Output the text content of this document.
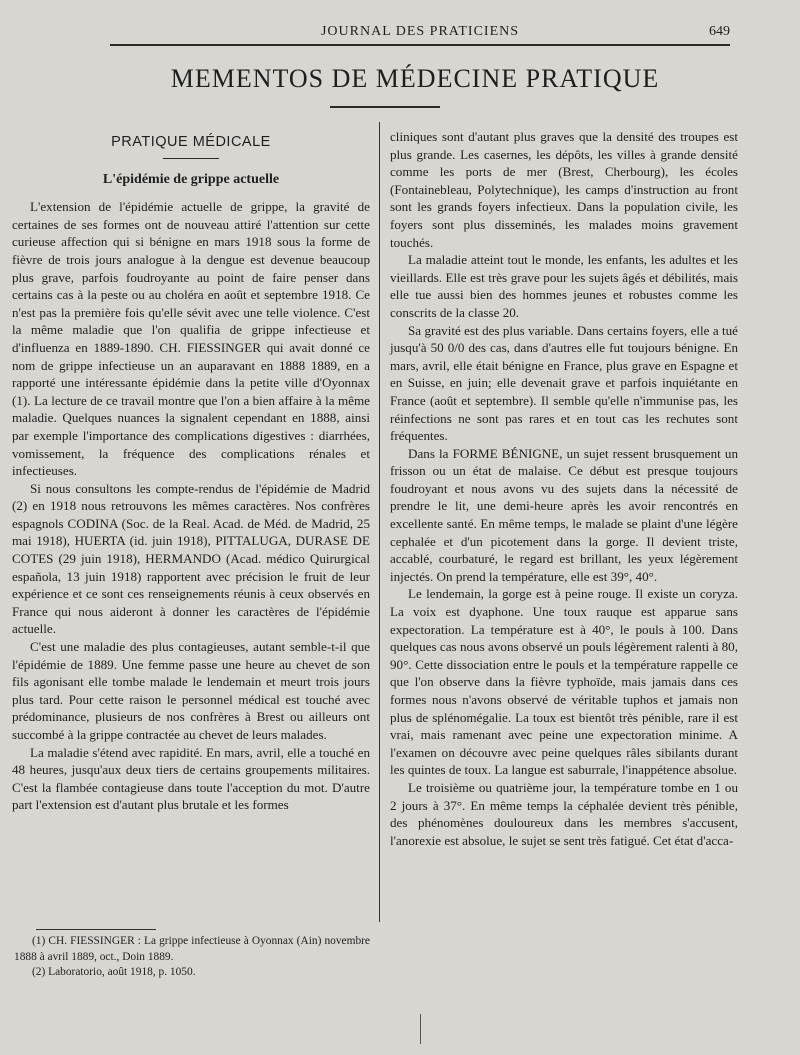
JOURNAL DES PRATICIENS	649
MEMENTOS DE MÉDECINE PRATIQUE
PRATIQUE MÉDICALE
L'épidémie de grippe actuelle

L'extension de l'épidémie actuelle de grippe, la gravité de certaines de ses formes ont de nouveau attiré l'attention sur cette curieuse affection qui si bénigne en mars 1918 sous la forme de fièvre de trois jours analogue à la dengue est devenue beaucoup plus grave, parfois foudroyante au point de faire penser dans certains cas à la peste ou au choléra en août et septembre 1918. Ce n'est pas la première fois qu'elle sévit avec une telle violence. C'est la même maladie que l'on qualifia de grippe infectieuse et d'influenza en 1889-1890. CH. FIESSINGER qui avait donné ce nom de grippe infectieuse un an auparavant en 1888 1889, en a rapporté une intéressante épidémie dans la petite ville d'Oyonnax (1). La lecture de ce travail montre que l'on a bien affaire à la même maladie. Quelques nuances la signalent cependant en 1888, ainsi par exemple l'importance des complications digestives : diarrhées, vomissement, la fréquence des complications rénales et infectieuses.

Si nous consultons les compte-rendus de l'épidémie de Madrid (2) en 1918 nous retrouvons les mêmes caractères. Nos confrères espagnols CODINA (Soc. de la Real. Acad. de Méd. de Madrid, 25 mai 1918), HUERTA (id. juin 1918), PITTALUGA, DURASE DE COTES (29 juin 1918), HERMANDO (Acad. médico Quirurgical española, 13 juin 1918) rapportent avec précision le fruit de leur expérience et ce sont ces renseignements réunis à ceux observés en France qui nous aideront à donner les caractères de l'épidémie actuelle.

C'est une maladie des plus contagieuses, autant semble-t-il que l'épidémie de 1889. Une femme passe une heure au chevet de son fils agonisant elle tombe malade le lendemain et meurt trois jours plus tard. Pour cette raison le personnel médical est touché avec prédominance, plusieurs de nos confrères à Brest ou ailleurs ont succombé à la grippe contractée au chevet de leurs malades.

La maladie s'étend avec rapidité. En mars, avril, elle a touché en 48 heures, jusqu'aux deux tiers de certains groupements militaires. C'est la flambée contagieuse dans toute l'acception du mot. D'autre part l'extension est d'autant plus brutale et les formes

cliniques sont d'autant plus graves que la densité des troupes est plus grande. Les casernes, les dépôts, les villes à grande densité comme les ports de mer (Brest, Cherbourg), les écoles (Fontainebleau, Polytechnique), les camps d'instruction au front sont les grands foyers infectieux. Dans la population civile, les foyers sont plus disseminés, les malades moins gravement touchés.

La maladie atteint tout le monde, les enfants, les adultes et les vieillards. Elle est très grave pour les sujets âgés et débilités, mais elle tue aussi bien des hommes jeunes et robustes comme les conscrits de la classe 20.

Sa gravité est des plus variable. Dans certains foyers, elle a tué jusqu'à 50 0/0 des cas, dans d'autres elle fut toujours bénigne. En mars, avril, elle était bénigne en France, plus grave en Espagne et en Suisse, en juin; elle devenait grave et parfois inquiétante en France (août et septembre). Il semble qu'elle n'immunise pas, les réinfections ne sont pas rares et en tout cas les rechutes sont fréquentes.

Dans la FORME BÉNIGNE, un sujet ressent brusquement un frisson ou un état de malaise. Ce début est presque toujours foudroyant et nous avons vu des sujets dans la nécessité de prendre le lit, une demi-heure après les avoir rencontrés en excellente santé. En même temps, le malade se plaint d'une légère cephalée et d'un picotement dans la gorge. Il devient triste, accablé, courbaturé, le regard est brillant, les yeux légèrement injectés. On prend la température, elle est 39°, 40°.

Le lendemain, la gorge est à peine rouge. Il existe un coryza. La voix est dyaphone. Une toux rauque est apparue sans expectoration. La température est à 40°, le pouls à 100. Dans quelques cas nous avons observé un pouls légèrement ralenti à 80, 90°. Cette dissociation entre le pouls et la température rappelle ce que l'on observe dans la fièvre typhoïde, mais jamais dans ces formes nous n'avons observé de véritable tuphos et jamais non plus de splénomégalie. La toux est bientôt très pénible, rare il est vrai, mais ramenant avec peine une expectoration minime. A l'examen on découvre avec peine quelques râles sibilants durant les quintes de toux. La langue est saburrale, l'inappétence absolue.

Le troisième ou quatrième jour, la température tombe en 1 ou 2 jours à 37°. En même temps la céphalée devient très pénible, des phénomènes douloureux dans les membres s'accusent, l'anorexie est absolue, le sujet se sent très fatigué. Cet état d'acca-

(1) CH. FIESSINGER : La grippe infectieuse à Oyonnax (Ain) novembre 1888 à avril 1889, oct., Doin 1889.

(2) Laboratorio, août 1918, p. 1050.
